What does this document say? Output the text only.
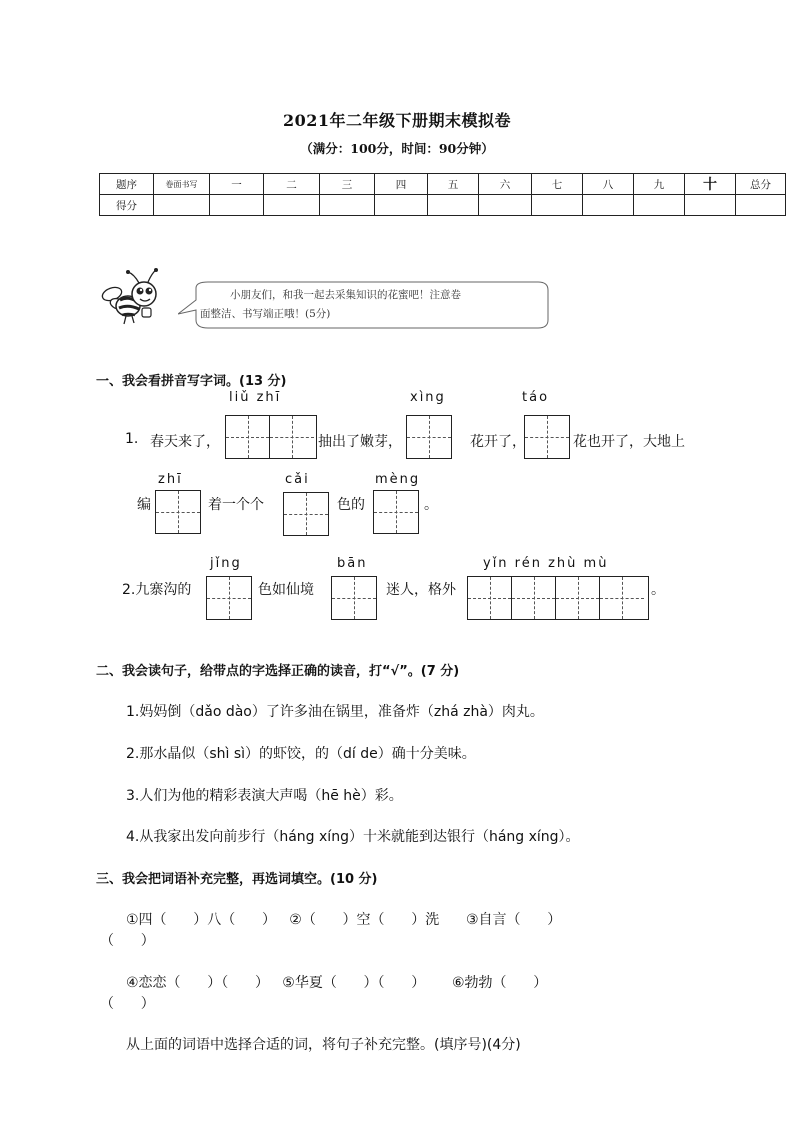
2021年二年级下册期末模拟卷
（满分：100分，时间：90分钟）
题序	卷面书写	一	二	三	四	五	六	七	八	九	十	总分
得分												
小朋友们，和我一起去采集知识的花蜜吧！注意卷
面整洁、书写端正哦！(5分)
一、我会看拼音写字词。(13 分)
liǔ zhī	xìng	táo
1. 春天来了，	抽出了嫩芽，	花开了，	花也开了，大地上
zhī	cǎi	mèng
编	着一个个	色的	。
jǐng	bān	yǐn rén zhù mù
2.九寨沟的	色如仙境	迷人，格外	。
二、我会读句子，给带点的字选择正确的读音，打“√”。(7 分)
1.妈妈倒（dǎo dào）了许多油在锅里，准备炸（zhá zhà）肉丸。
2.那水晶似（shì sì）的虾饺，的（dí de）确十分美味。
3.人们为他的精彩表演大声喝（hē hè）彩。
4.从我家出发向前步行（háng xíng）十米就能到达银行（háng xíng）。
三、我会把词语补充完整，再选词填空。(10 分)
①四（      ）八（      ）   ②（      ）空（      ）洗      ③自言（      ）
（      ）
④恋恋（      ）（      ）   ⑤华夏（      ）（      ）      ⑥勃勃（      ）
（      ）
从上面的词语中选择合适的词，将句子补充完整。(填序号)(4分)
